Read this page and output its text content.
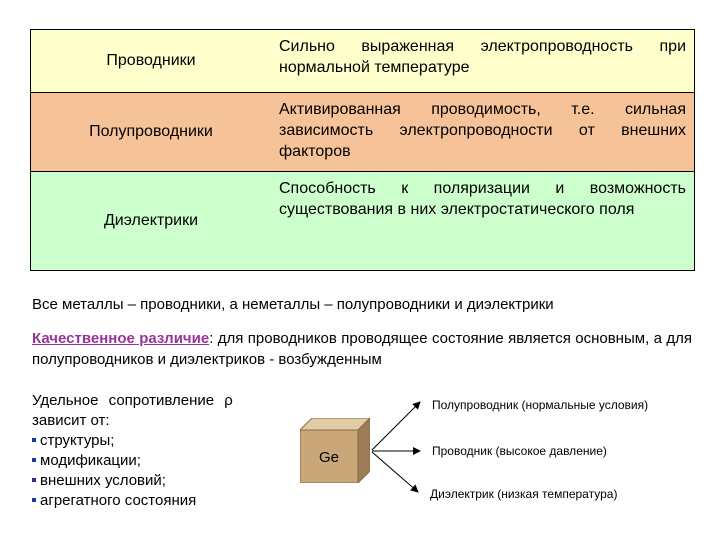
Проводники
Сильно выраженная электропроводность при нормальной температуре
Полупроводники
Активированная проводимость, т.е. сильная зависимость электропроводности от внешних факторов
Диэлектрики
Способность к поляризации и возможность существования в них электростатического поля
Все металлы – проводники, а неметаллы – полупроводники и диэлектрики
Качественное различие: для проводников проводящее состояние является основным, а для полупроводников и диэлектриков - возбужденным
Удельное сопротивление ρ
зависит от:
структуры;
модификации;
внешних условий;
агрегатного состояния
Ge
Полупроводник (нормальные условия)
Проводник (высокое давление)
Диэлектрик (низкая температура)
